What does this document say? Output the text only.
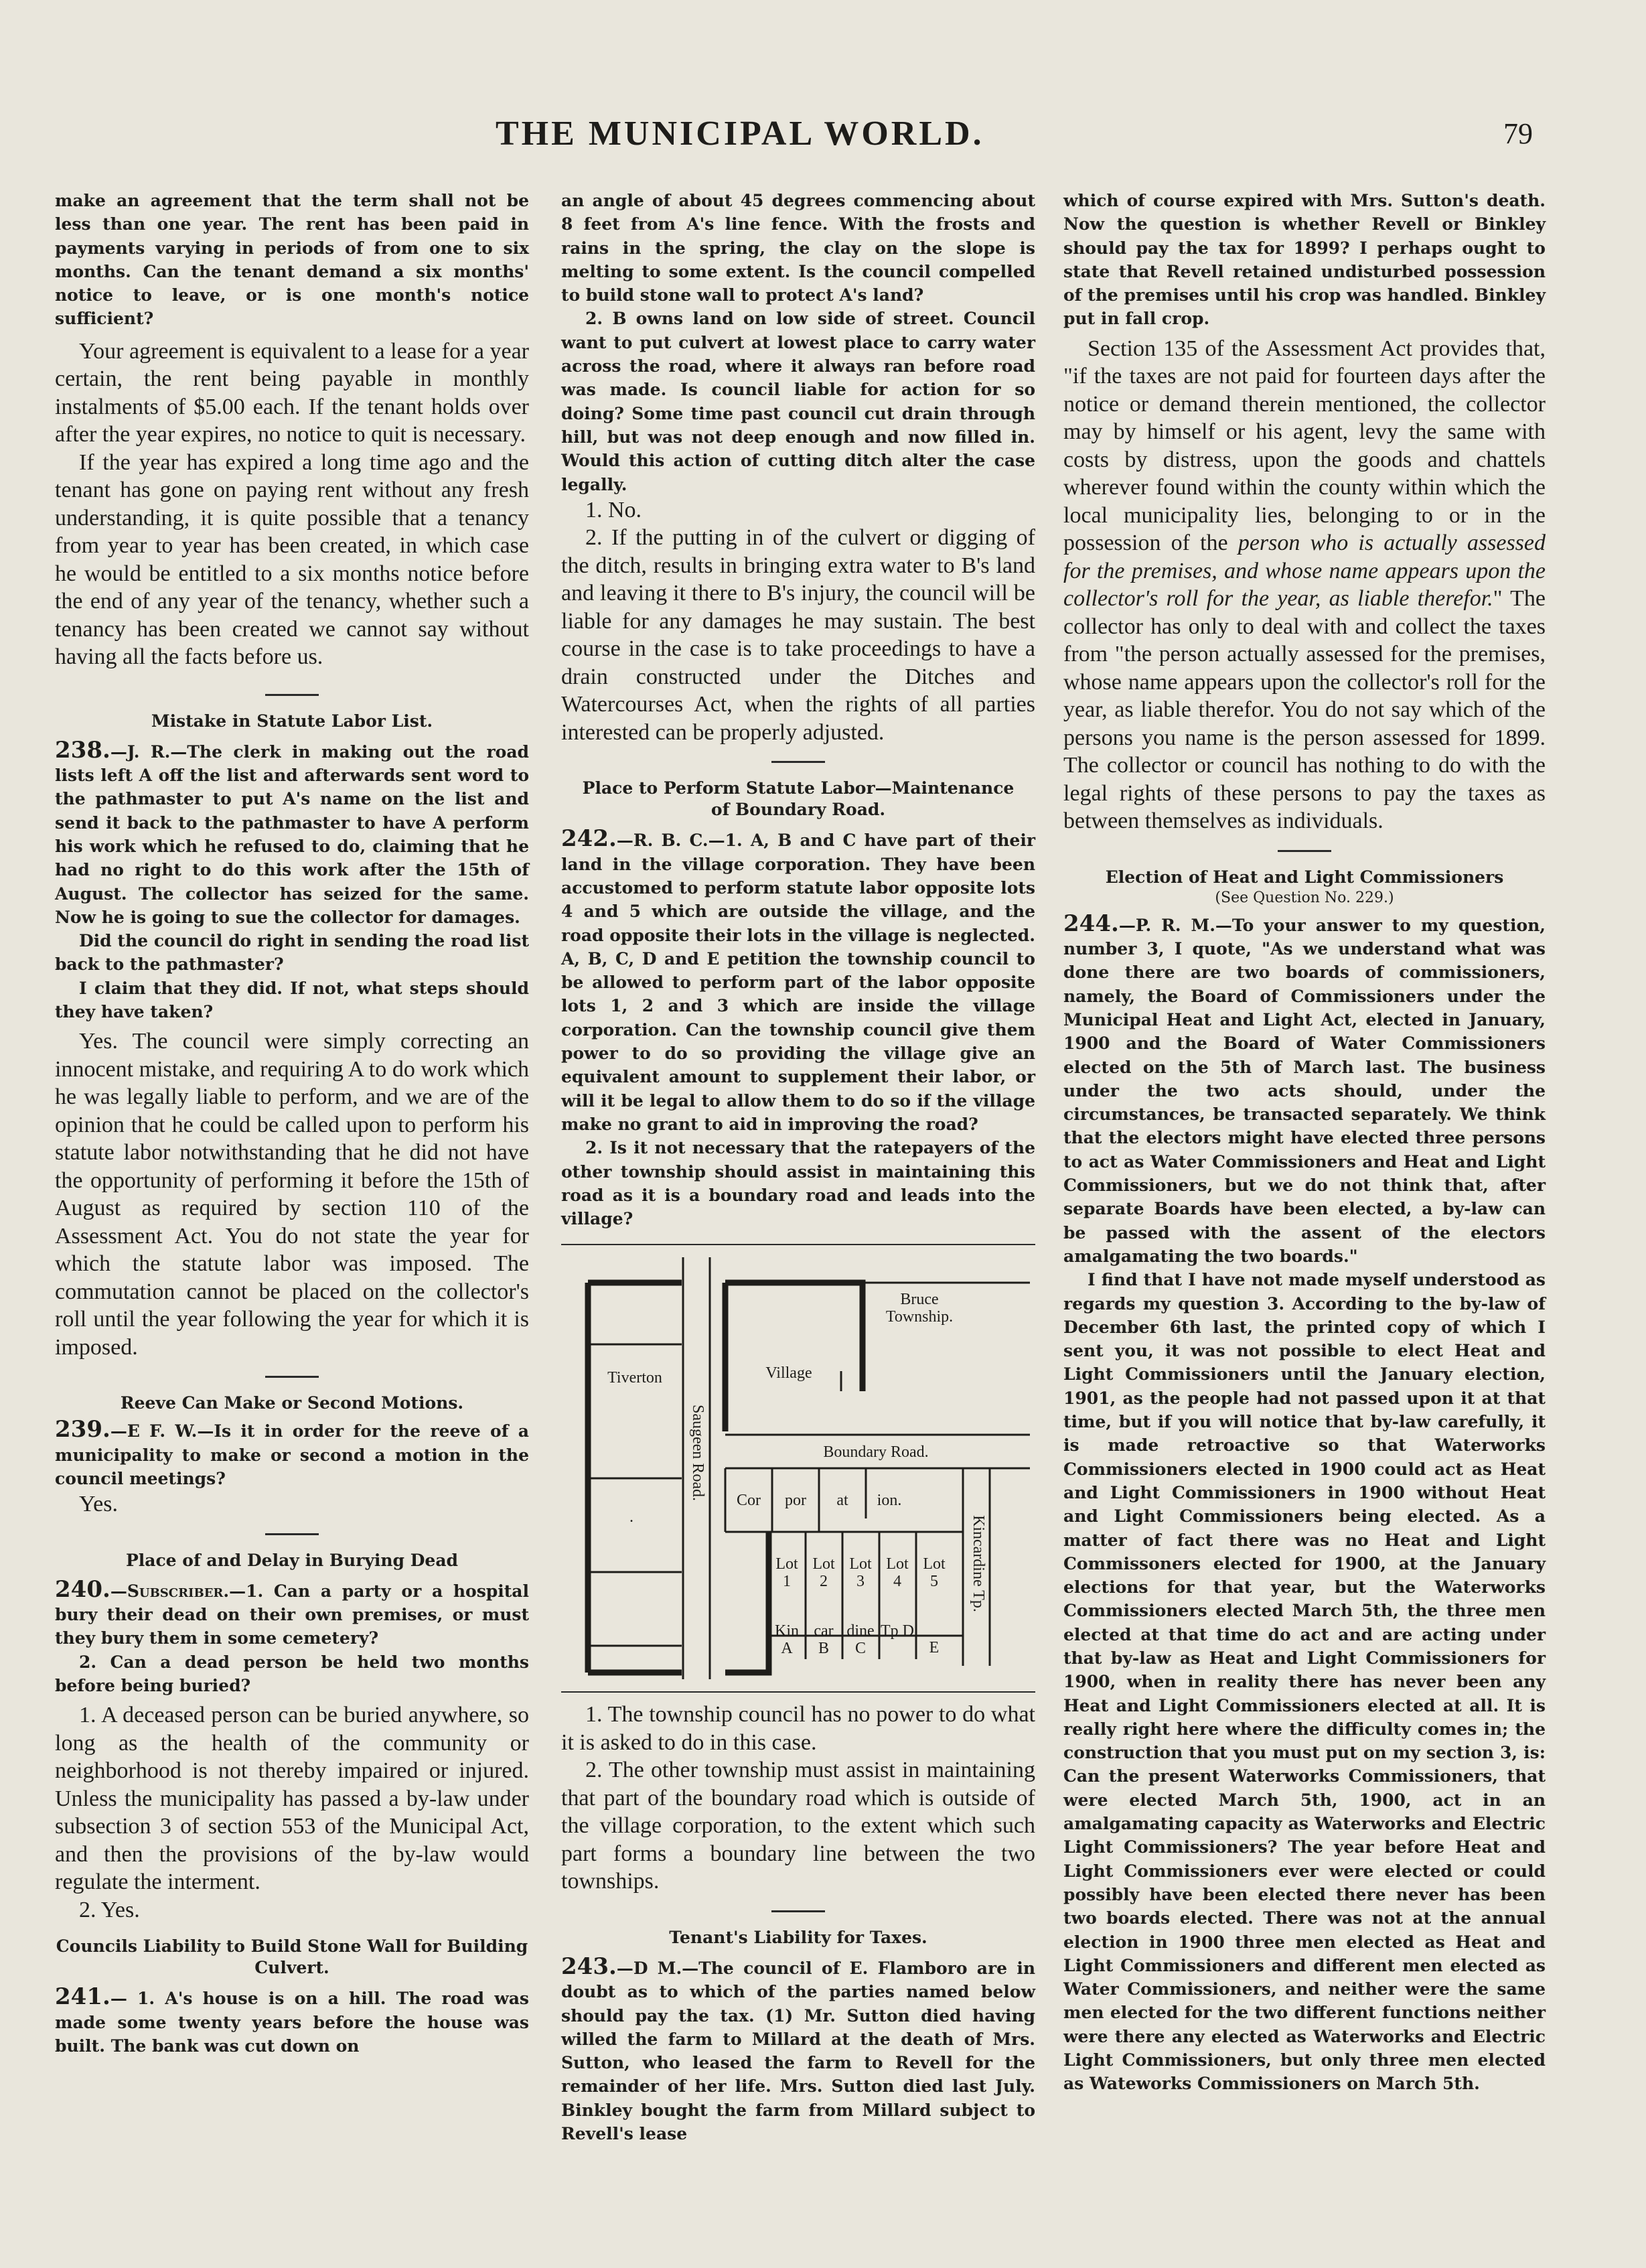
THE MUNICIPAL WORLD.	79

make an agreement that the term shall not be less than one year. The rent has been paid in payments varying in periods of from one to six months. Can the tenant demand a six months' notice to leave, or is one month's notice sufficient?

Your agreement is equivalent to a lease for a year certain, the rent being payable in monthly instalments of $5.00 each. If the tenant holds over after the year expires, no notice to quit is necessary.

If the year has expired a long time ago and the tenant has gone on paying rent without any fresh understanding, it is quite possible that a tenancy from year to year has been created, in which case he would be entitled to a six months notice before the end of any year of the tenancy, whether such a tenancy has been created we cannot say without having all the facts before us.

Mistake in Statute Labor List.

238.—J. R.—The clerk in making out the road lists left A off the list and afterwards sent word to the pathmaster to put A's name on the list and send it back to the pathmaster to have A perform his work which he refused to do, claiming that he had no right to do this work after the 15th of August. The collector has seized for the same. Now he is going to sue the collector for damages.

Did the council do right in sending the road list back to the pathmaster?

I claim that they did. If not, what steps should they have taken?

Yes. The council were simply correcting an innocent mistake, and requiring A to do work which he was legally liable to perform, and we are of the opinion that he could be called upon to perform his statute labor notwithstanding that he did not have the opportunity of performing it before the 15th of August as required by section 110 of the Assessment Act. You do not state the year for which the statute labor was imposed. The commutation cannot be placed on the collector's roll until the year following the year for which it is imposed.

Reeve Can Make or Second Motions.

239.—E F. W.—Is it in order for the reeve of a municipality to make or second a motion in the council meetings?

Yes.

Place of and Delay in Burying Dead

240.—Subscriber.—1. Can a party or a hospital bury their dead on their own premises, or must they bury them in some cemetery?

2. Can a dead person be held two months before being buried?

1. A deceased person can be buried anywhere, so long as the health of the community or neighborhood is not thereby impaired or injured. Unless the municipality has passed a by-law under subsection 3 of section 553 of the Municipal Act, and then the provisions of the by-law would regulate the interment.

2. Yes.

Councils Liability to Build Stone Wall for Building Culvert.

241.— 1. A's house is on a hill. The road was made some twenty years before the house was built. The bank was cut down on

an angle of about 45 degrees commencing about 8 feet from A's line fence. With the frosts and rains in the spring, the clay on the slope is melting to some extent. Is the council compelled to build stone wall to protect A's land?

2. B owns land on low side of street. Council want to put culvert at lowest place to carry water across the road, where it always ran before road was made. Is council liable for action for so doing? Some time past council cut drain through hill, but was not deep enough and now filled in. Would this action of cutting ditch alter the case legally.

1. No.

2. If the putting in of the culvert or digging of the ditch, results in bringing extra water to B's land and leaving it there to B's injury, the council will be liable for any damages he may sustain. The best course in the case is to take proceedings to have a drain constructed under the Ditches and Watercourses Act, when the rights of all parties interested can be properly adjusted.

Place to Perform Statute Labor—Maintenance of Boundary Road.

242.—R. B. C.—1. A, B and C have part of their land in the village corporation. They have been accustomed to perform statute labor opposite lots 4 and 5 which are outside the village, and the road opposite their lots in the village is neglected. A, B, C, D and E petition the township council to be allowed to perform part of the labor opposite lots 1, 2 and 3 which are inside the village corporation. Can the township council give them power to do so providing the village give an equivalent amount to supplement their labor, or will it be legal to allow them to do so if the village make no grant to aid in improving the road?

2. Is it not necessary that the ratepayers of the other township should assist in maintaining this road as it is a boundary road and leads into the village?

Tiverton	Village
Bruce Township.
Saugeen Road.	Boundary Road.
Kincardine Tp.
.
Cor	por	at	ion.
Lot 1
Lot 2
Lot 3
Lot 4
Lot 5
Kin A
car B
dine C
Tp D
E

1. The township council has no power to do what it is asked to do in this case.

2. The other township must assist in maintaining that part of the boundary road which is outside of the village corporation, to the extent which such part forms a boundary line between the two townships.

Tenant's Liability for Taxes.

243.—D M.—The council of E. Flamboro are in doubt as to which of the parties named below should pay the tax. (1) Mr. Sutton died having willed the farm to Millard at the death of Mrs. Sutton, who leased the farm to Revell for the remainder of her life. Mrs. Sutton died last July. Binkley bought the farm from Millard subject to Revell's lease

which of course expired with Mrs. Sutton's death. Now the question is whether Revell or Binkley should pay the tax for 1899? I perhaps ought to state that Revell retained undisturbed possession of the premises until his crop was handled. Binkley put in fall crop.

Section 135 of the Assessment Act provides that, "if the taxes are not paid for fourteen days after the notice or demand therein mentioned, the collector may by himself or his agent, levy the same with costs by distress, upon the goods and chattels wherever found within the county within which the local municipality lies, belonging to or in the possession of the person who is actually assessed for the premises, and whose name appears upon the collector's roll for the year, as liable therefor." The collector has only to deal with and collect the taxes from "the person actually assessed for the premises, whose name appears upon the collector's roll for the year, as liable therefor. You do not say which of the persons you name is the person assessed for 1899. The collector or council has nothing to do with the legal rights of these persons to pay the taxes as between themselves as individuals.

Election of Heat and Light Commissioners

(See Question No. 229.)

244.—P. R. M.—To your answer to my question, number 3, I quote, "As we understand what was done there are two boards of commissioners, namely, the Board of Commissioners under the Municipal Heat and Light Act, elected in January, 1900 and the Board of Water Commissioners elected on the 5th of March last. The business under the two acts should, under the circumstances, be transacted separately. We think that the electors might have elected three persons to act as Water Commissioners and Heat and Light Commissioners, but we do not think that, after separate Boards have been elected, a by-law can be passed with the assent of the electors amalgamating the two boards."

I find that I have not made myself understood as regards my question 3. According to the by-law of December 6th last, the printed copy of which I sent you, it was not possible to elect Heat and Light Commissioners until the January election, 1901, as the people had not passed upon it at that time, but if you will notice that by-law carefully, it is made retroactive so that Waterworks Commissioners elected in 1900 could act as Heat and Light Commissioners in 1900 without Heat and Light Commissioners being elected. As a matter of fact there was no Heat and Light Commissoners elected for 1900, at the January elections for that year, but the Waterworks Commissioners elected March 5th, the three men elected at that time do act and are acting under that by-law as Heat and Light Commissioners for 1900, when in reality there has never been any Heat and Light Commissioners elected at all. It is really right here where the difficulty comes in; the construction that you must put on my section 3, is: Can the present Waterworks Commissioners, that were elected March 5th, 1900, act in an amalgamating capacity as Waterworks and Electric Light Commissioners? The year before Heat and Light Commissioners ever were elected or could possibly have been elected there never has been two boards elected. There was not at the annual election in 1900 three men elected as Heat and Light Commissioners and different men elected as Water Commissioners, and neither were the same men elected for the two different functions neither were there any elected as Waterworks and Electric Light Commissioners, but only three men elected as Wateworks Commissioners on March 5th.
